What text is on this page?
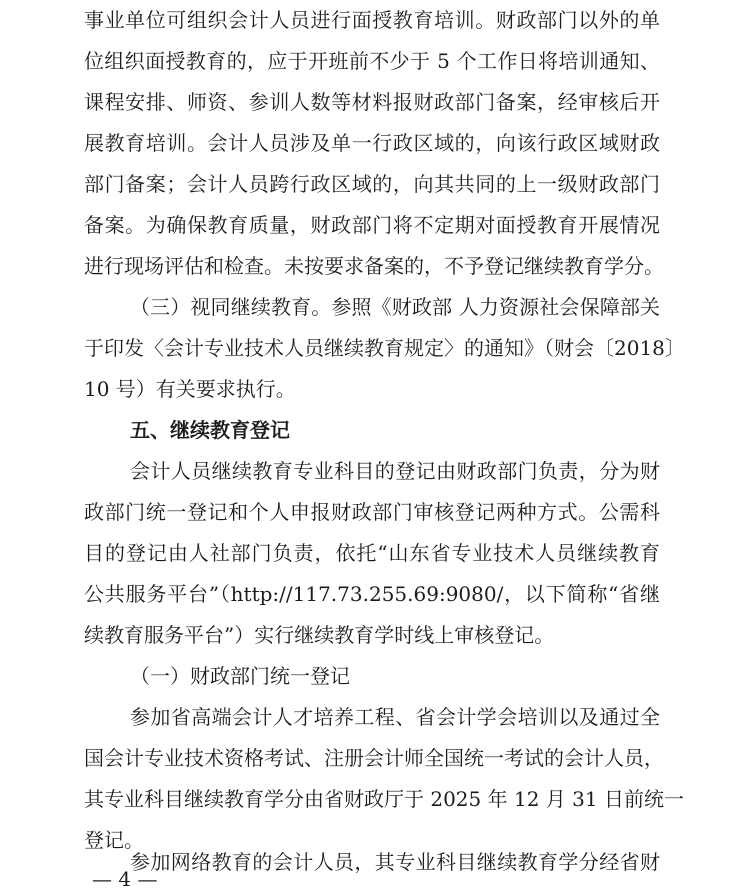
事业单位可组织会计人员进行面授教育培训。财政部门以外的单
位组织面授教育的，应于开班前不少于 5 个工作日将培训通知、
课程安排、师资、参训人数等材料报财政部门备案，经审核后开
展教育培训。会计人员涉及单一行政区域的，向该行政区域财政
部门备案；会计人员跨行政区域的，向其共同的上一级财政部门
备案。为确保教育质量，财政部门将不定期对面授教育开展情况
进行现场评估和检查。未按要求备案的，不予登记继续教育学分。
（三）视同继续教育。参照《财政部 人力资源社会保障部关
于印发〈会计专业技术人员继续教育规定〉的通知》（财会〔2018〕
10 号）有关要求执行。
五、继续教育登记
会计人员继续教育专业科目的登记由财政部门负责，分为财
政部门统一登记和个人申报财政部门审核登记两种方式。公需科
目的登记由人社部门负责，依托“山东省专业技术人员继续教育
公共服务平台”（http://117.73.255.69:9080/，以下简称“省继
续教育服务平台”）实行继续教育学时线上审核登记。
（一）财政部门统一登记
参加省高端会计人才培养工程、省会计学会培训以及通过全
国会计专业技术资格考试、注册会计师全国统一考试的会计人员，
其专业科目继续教育学分由省财政厅于 2025 年 12 月 31 日前统一
登记。
— 4 —
参加网络教育的会计人员，其专业科目继续教育学分经省财
